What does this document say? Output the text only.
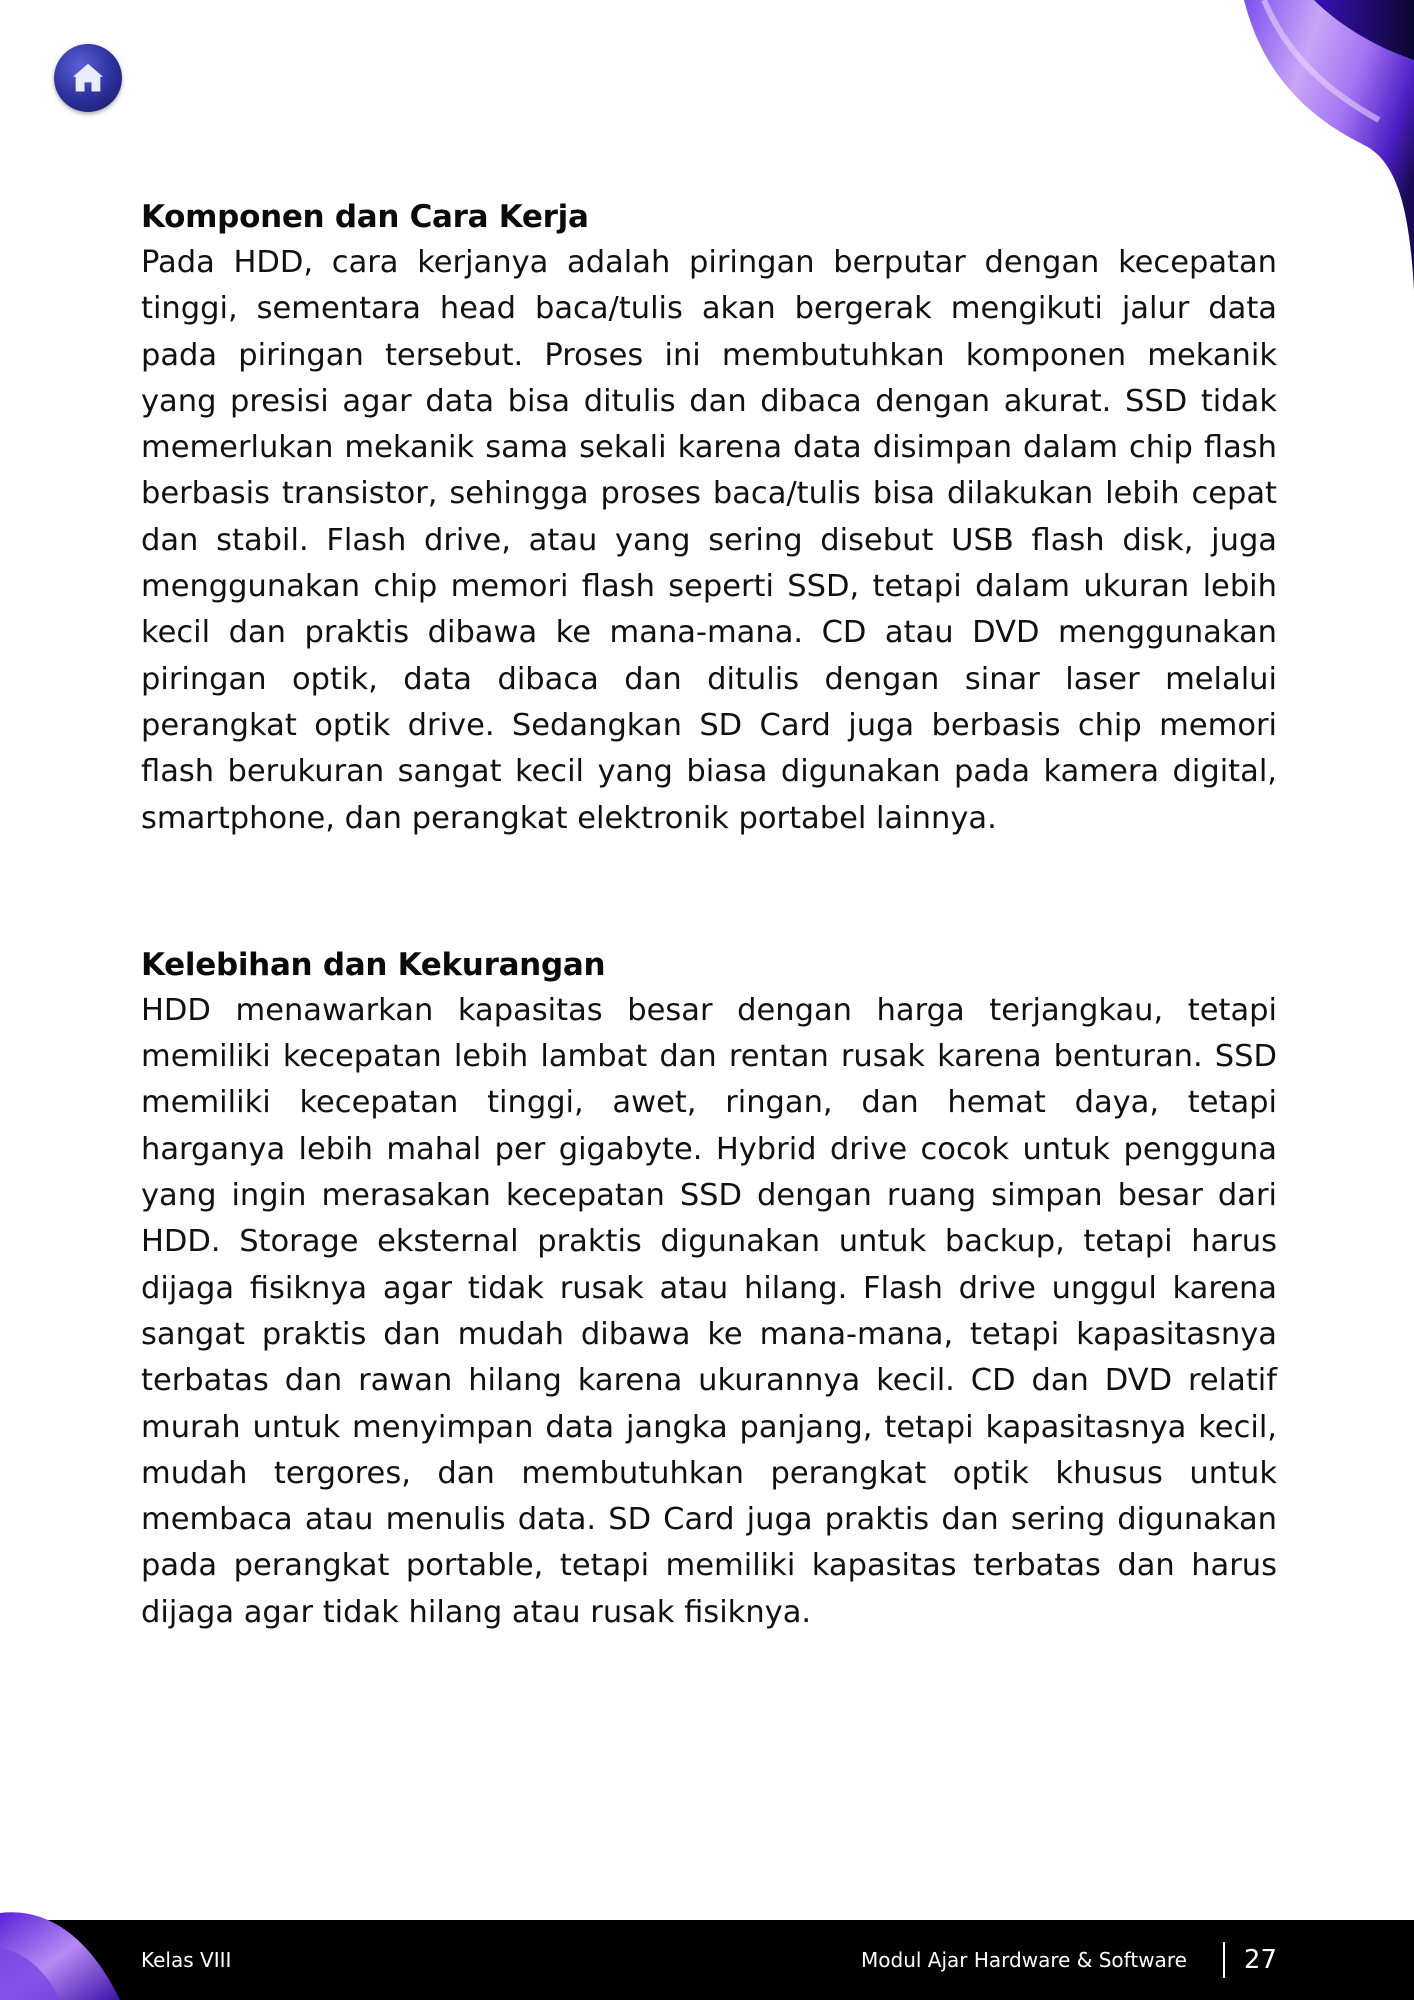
Komponen dan Cara Kerja

Pada HDD, cara kerjanya adalah piringan berputar dengan kecepatan tinggi, sementara head baca/tulis akan bergerak mengikuti jalur data pada piringan tersebut. Proses ini membutuhkan komponen mekanik yang presisi agar data bisa ditulis dan dibaca dengan akurat. SSD tidak memerlukan mekanik sama sekali karena data disimpan dalam chip flash berbasis transistor, sehingga proses baca/tulis bisa dilakukan lebih cepat dan stabil. Flash drive, atau yang sering disebut USB flash disk, juga menggunakan chip memori flash seperti SSD, tetapi dalam ukuran lebih kecil dan praktis dibawa ke mana-mana. CD atau DVD menggunakan piringan optik, data dibaca dan ditulis dengan sinar laser melalui perangkat optik drive. Sedangkan SD Card juga berbasis chip memori flash berukuran sangat kecil yang biasa digunakan pada kamera digital, smartphone, dan perangkat elektronik portabel lainnya.

Kelebihan dan Kekurangan

HDD menawarkan kapasitas besar dengan harga terjangkau, tetapi memiliki kecepatan lebih lambat dan rentan rusak karena benturan. SSD memiliki kecepatan tinggi, awet, ringan, dan hemat daya, tetapi harganya lebih mahal per gigabyte. Hybrid drive cocok untuk pengguna yang ingin merasakan kecepatan SSD dengan ruang simpan besar dari HDD. Storage eksternal praktis digunakan untuk backup, tetapi harus dijaga fisiknya agar tidak rusak atau hilang. Flash drive unggul karena sangat praktis dan mudah dibawa ke mana-mana, tetapi kapasitasnya terbatas dan rawan hilang karena ukurannya kecil. CD dan DVD relatif murah untuk menyimpan data jangka panjang, tetapi kapasitasnya kecil, mudah tergores, dan membutuhkan perangkat optik khusus untuk membaca atau menulis data. SD Card juga praktis dan sering digunakan pada perangkat portable, tetapi memiliki kapasitas terbatas dan harus dijaga agar tidak hilang atau rusak fisiknya.

Kelas VIII	Modul Ajar Hardware & Software 27
